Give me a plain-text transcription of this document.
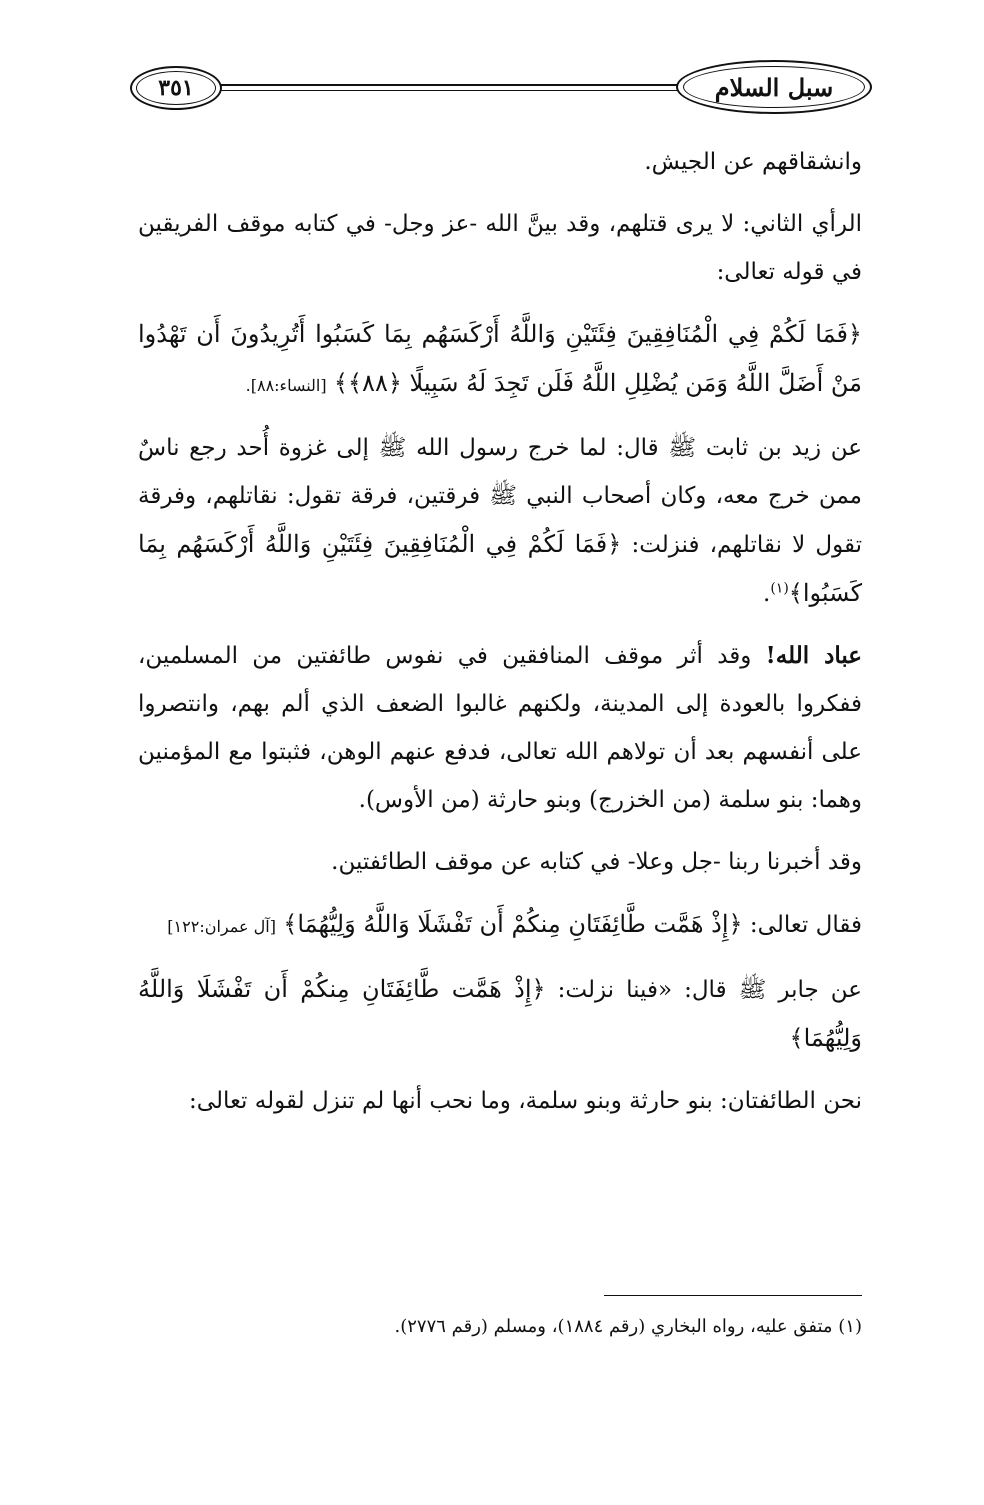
٣٥١	سبل السلام

وانشقاقهم عن الجيش.

الرأي الثاني: لا يرى قتلهم، وقد بينَّ الله -عز وجل- في كتابه موقف الفريقين في قوله تعالى:

﴿فَمَا لَكُمْ فِي الْمُنَافِقِينَ فِئَتَيْنِ وَاللَّهُ أَرْكَسَهُم بِمَا كَسَبُوا أَتُرِيدُونَ أَن تَهْدُوا مَنْ أَضَلَّ اللَّهُ وَمَن يُضْلِلِ اللَّهُ فَلَن تَجِدَ لَهُ سَبِيلًا ﴿٨٨﴾﴾ [النساء:٨٨].

عن زيد بن ثابت ﷺ قال: لما خرج رسول الله ﷺ إلى غزوة أُحد رجع ناسٌ ممن خرج معه، وكان أصحاب النبي ﷺ فرقتين، فرقة تقول: نقاتلهم، وفرقة تقول لا نقاتلهم، فنزلت: ﴿فَمَا لَكُمْ فِي الْمُنَافِقِينَ فِئَتَيْنِ وَاللَّهُ أَرْكَسَهُم بِمَا كَسَبُوا﴾$^{(١)}$.

عباد الله! وقد أثر موقف المنافقين في نفوس طائفتين من المسلمين، ففكروا بالعودة إلى المدينة، ولكنهم غالبوا الضعف الذي ألم بهم، وانتصروا على أنفسهم بعد أن تولاهم الله تعالى، فدفع عنهم الوهن، فثبتوا مع المؤمنين وهما: بنو سلمة (من الخزرج) وبنو حارثة (من الأوس).

وقد أخبرنا ربنا -جل وعلا- في كتابه عن موقف الطائفتين.

فقال تعالى: ﴿إِذْ هَمَّت طَّائِفَتَانِ مِنكُمْ أَن تَفْشَلَا وَاللَّهُ وَلِيُّهُمَا﴾ [آل عمران:١٢٢]

عن جابر ﷺ قال: «فينا نزلت: ﴿إِذْ هَمَّت طَّائِفَتَانِ مِنكُمْ أَن تَفْشَلَا وَاللَّهُ وَلِيُّهُمَا﴾

نحن الطائفتان: بنو حارثة وبنو سلمة، وما نحب أنها لم تنزل لقوله تعالى:

(١) متفق عليه، رواه البخاري (رقم ١٨٨٤)، ومسلم (رقم ٢٧٧٦).
